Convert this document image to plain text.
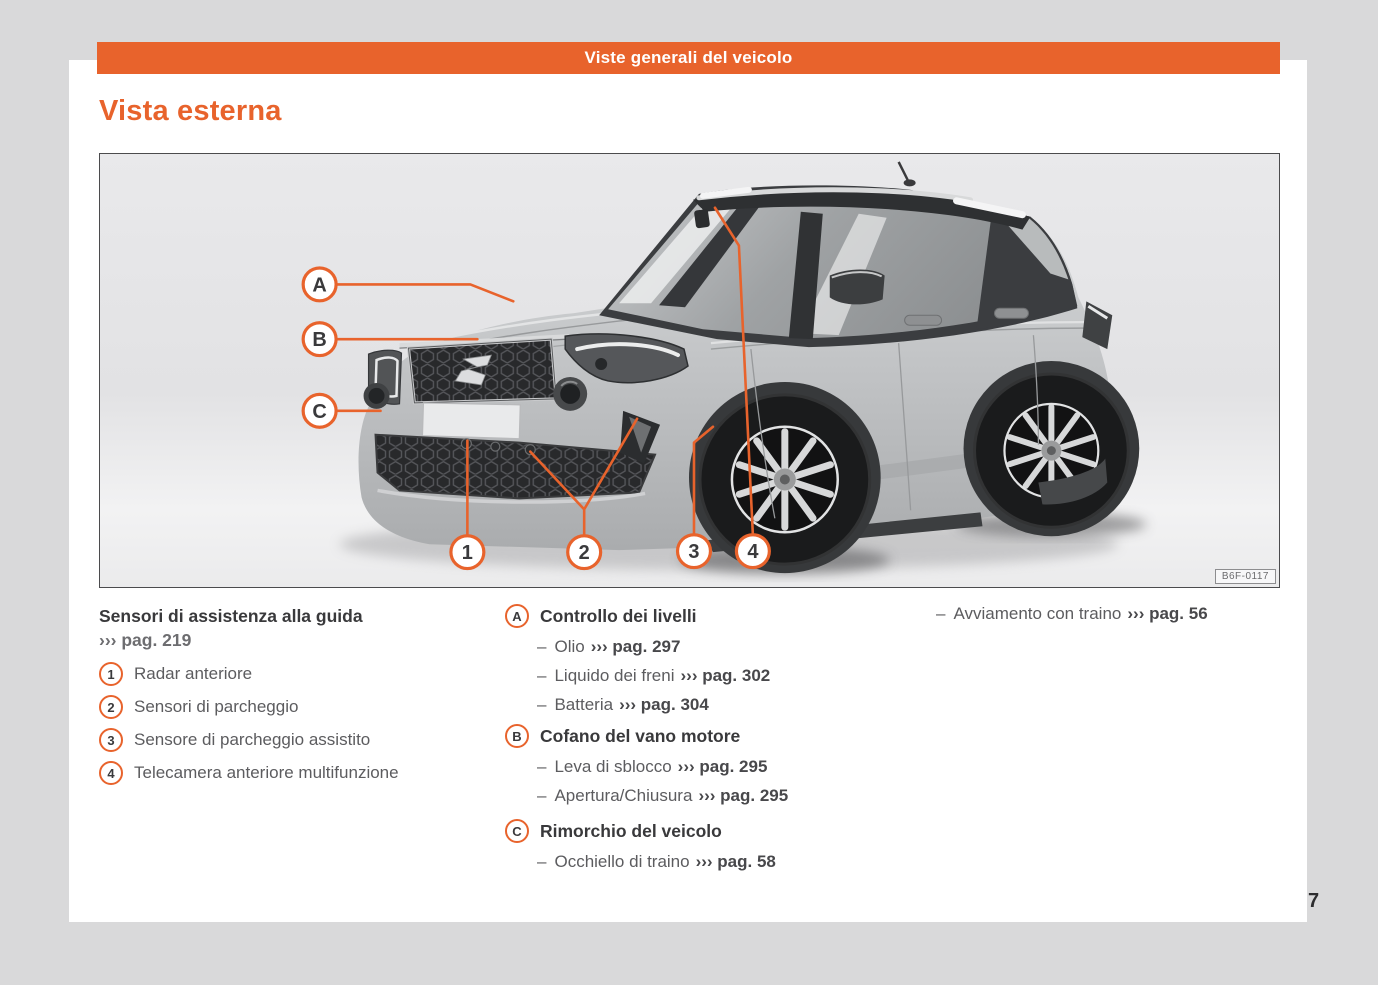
Viste generali del veicolo
Vista esterna
A
B
C
1	2	3 4
B6F-0117
Sensori di assistenza alla guida
››› pag. 219
1	Radar anteriore
2	Sensori di parcheggio
3	Sensore di parcheggio assistito
4	Telecamera anteriore multifunzione
A	Controllo dei livelli
– Olio ››› pag. 297
– Liquido dei freni ››› pag. 302
– Batteria ››› pag. 304
B	Cofano del vano motore
– Leva di sblocco ››› pag. 295
– Apertura/Chiusura ››› pag. 295
C	Rimorchio del veicolo
– Occhiello di traino ››› pag. 58
– Avviamento con traino ››› pag. 56
7
